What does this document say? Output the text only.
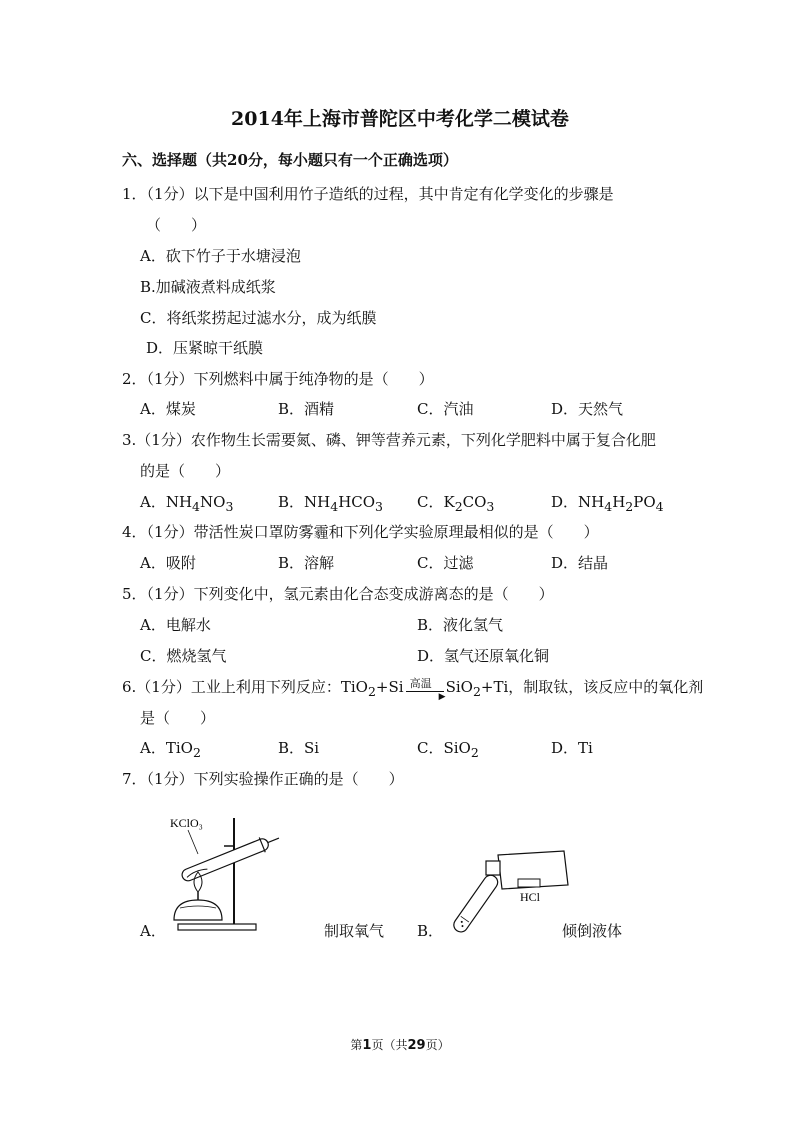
2014年上海市普陀区中考化学二模试卷
六、选择题（共20分，每小题只有一个正确选项）
1．（1分）以下是中国利用竹子造纸的过程，其中肯定有化学变化的步骤是
（　　）
A．砍下竹子于水塘浸泡
B.加碱液煮料成纸浆
C．将纸浆捞起过滤水分，成为纸膜
D．压紧晾干纸膜
2．（1分）下列燃料中属于纯净物的是（　　）
A．煤炭	B．酒精	C．汽油	D．天然气
3.（1分）农作物生长需要氮、磷、钾等营养元素，下列化学肥料中属于复合化肥
的是（　　）
A．$NH_4NO_3$	B．$NH_4HCO_3$ C．$K_2CO_3$	D．$NH_4H_2PO_4$
4．（1分）带活性炭口罩防雾霾和下列化学实验原理最相似的是（　　）
A．吸附	B．溶解	C．过滤	D．结晶
5．（1分）下列变化中，氢元素由化合态变成游离态的是（　　）
A．电解水	B．液化氢气
C．燃烧氢气	D．氢气还原氧化铜
6.（1分）工业上利用下列反应：TiO$_2$+Si 高温
▶
SiO$_2$+Ti，制取钛，该反应中的氧化剂
是（　　）
A．TiO$_2$	B．Si	C．SiO$_2$	D．Ti
7．（1分）下列实验操作正确的是（　　）
KClO₃
A．	制取氧气
HCl
B．	倾倒液体
第1页（共29页）
